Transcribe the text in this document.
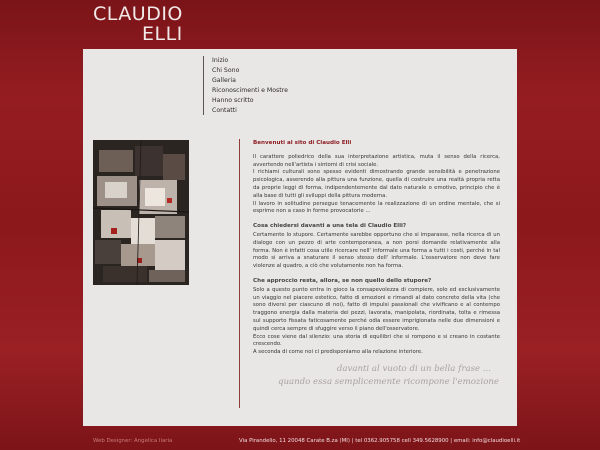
CLAUDIO
ELLI
Inizio
Chi Sono
Galleria
Riconoscimenti e Mostre
Hanno scritto
Contatti
Benvenuti al sito di Claudio Elli

Il carattere poliedrico della sua interpretazione artistica, muta il senso della ricerca, avvertendo nell'artista i sintomi di crisi sociale.

I richiami culturali sono spesso evidenti dimostrando grande sensibilità e penetrazione psicologica, asserendo alla pittura una funzione, quella di costruire una realtà propria retta da proprie leggi di forma, indipendentemente dal dato naturale o emotivo, principio che è alla base di tutti gli sviluppi della pittura moderna.

Il lavoro in solitudine persegue tenacemente la realizzazione di un ordine mentale, che si esprime non a caso in forme provocatorie ...

Cosa chiedersi davanti a una tela di Claudio Elli?

Certamente lo stupore. Certamente sarebbe opportuno che si imparasse, nella ricerca di un dialogo con un pezzo di arte contemporanea, a non porsi domande relativamente alla forma. Non è infatti cosa utile ricercare nell' informale una forma a tutti i costi, perché in tal modo si arriva a snaturare il senso stesso dell' informale. L'osservatore non deve fare violenze al quadro, a ciò che volutamente non ha forma.

Che approccio resta, allora, se non quello dello stupore?

Solo a questo punto entra in gioco la consapevolezza di compiere, solo ed esclusivamente un viaggio nel piacere estetico, fatto di emozioni e rimandi al dato concreto della vita (che sono diversi per ciascuno di noi), fatto di impulsi passionali che vivificano e al contempo traggono energia dalla materia dei pezzi, lavorata, manipolata, riordinata, tolta e rimessa sul supporto fissata faticosamente perché odia essere imprigionata nelle due dimensioni e quindi cerca sempre di sfuggire verso il piano dell'osservatore.

Ecco cose viene dal silenzio: una storia di equilibri che si rompono e si creano in costante crescendo.

A seconda di come noi ci predisponiamo alla relazione interiore.

davanti al vuoto di un bella frase ...
quando essa semplicemente ricompone l'emozione
Web Designer: Angelica Ilaria	Via Pirandello, 11 20048 Carate B.za (MI) | tel 0362.905758 cell 349.5628900 | email: info@claudioelli.it
